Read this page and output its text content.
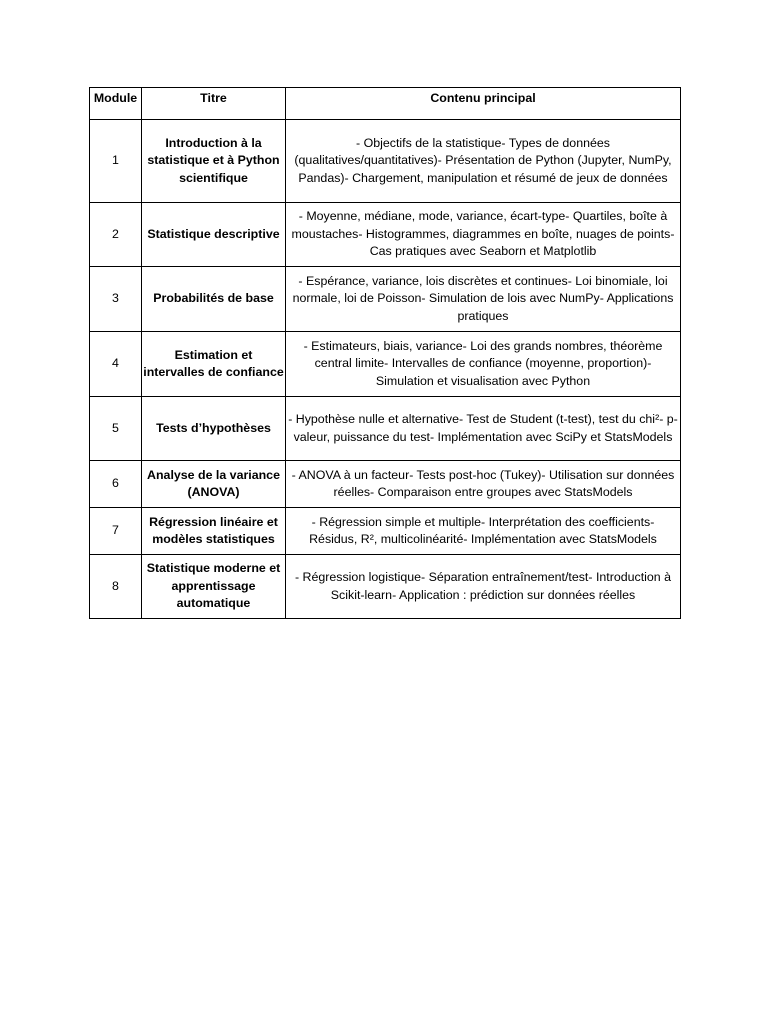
Module	Titre	Contenu principal
1	Introduction à la statistique et à Python scientifique	- Objectifs de la statistique- Types de données (qualitatives/quantitatives)- Présentation de Python (Jupyter, NumPy, Pandas)- Chargement, manipulation et résumé de jeux de données
2	Statistique descriptive	- Moyenne, médiane, mode, variance, écart-type- Quartiles, boîte à moustaches- Histogrammes, diagrammes en boîte, nuages de points- Cas pratiques avec Seaborn et Matplotlib
3	Probabilités de base	- Espérance, variance, lois discrètes et continues- Loi binomiale, loi normale, loi de Poisson- Simulation de lois avec NumPy- Applications pratiques
4	Estimation et intervalles de confiance	- Estimateurs, biais, variance- Loi des grands nombres, théorème central limite- Intervalles de confiance (moyenne, proportion)- Simulation et visualisation avec Python
5	Tests d’hypothèses	- Hypothèse nulle et alternative- Test de Student (t-test), test du chi²- p-valeur, puissance du test- Implémentation avec SciPy et StatsModels
6	Analyse de la variance (ANOVA)	- ANOVA à un facteur- Tests post-hoc (Tukey)- Utilisation sur données réelles- Comparaison entre groupes avec StatsModels
7	Régression linéaire et modèles statistiques	- Régression simple et multiple- Interprétation des coefficients- Résidus, R², multicolinéarité- Implémentation avec StatsModels
8	Statistique moderne et apprentissage automatique	- Régression logistique- Séparation entraînement/test- Introduction à Scikit-learn- Application : prédiction sur données réelles
